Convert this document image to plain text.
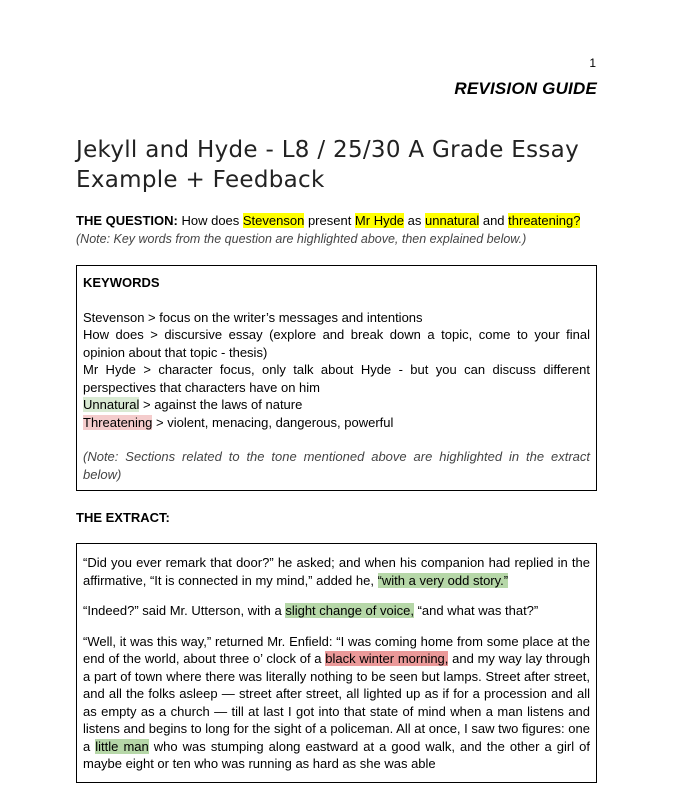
1
REVISION GUIDE
Jekyll and Hyde - L8 / 25/30 A Grade Essay Example + Feedback
THE QUESTION: How does Stevenson present Mr Hyde as unnatural and threatening?
(Note: Key words from the question are highlighted above, then explained below.)
KEYWORDS
Stevenson > focus on the writer’s messages and intentions
How does > discursive essay (explore and break down a topic, come to your final opinion about that topic - thesis)
Mr Hyde > character focus, only talk about Hyde - but you can discuss different perspectives that characters have on him
Unnatural > against the laws of nature
Threatening > violent, menacing, dangerous, powerful
(Note: Sections related to the tone mentioned above are highlighted in the extract below)
THE EXTRACT:

“Did you ever remark that door?” he asked; and when his companion had replied in the affirmative, “It is connected in my mind,” added he, “with a very odd story.”

“Indeed?” said Mr. Utterson, with a slight change of voice, “and what was that?”

“Well, it was this way,” returned Mr. Enfield: “I was coming home from some place at the end of the world, about three o’ clock of a black winter morning, and my way lay through a part of town where there was literally nothing to be seen but lamps. Street after street, and all the folks asleep — street after street, all lighted up as if for a procession and all as empty as a church — till at last I got into that state of mind when a man listens and listens and begins to long for the sight of a policeman. All at once, I saw two figures: one a little man who was stumping along eastward at a good walk, and the other a girl of maybe eight or ten who was running as hard as she was able
